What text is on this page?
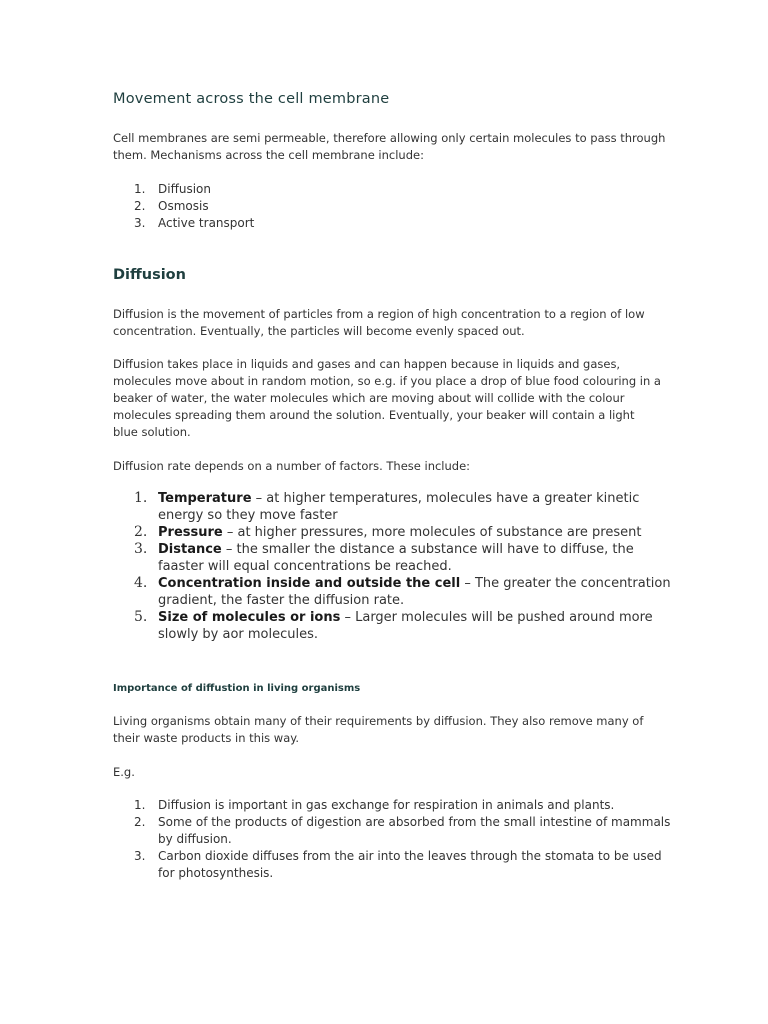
Movement across the cell membrane

Cell membranes are semi permeable, therefore allowing only certain molecules to pass through them. Mechanisms across the cell membrane include:

1. Diffusion
2. Osmosis
3. Active transport
Diffusion

Diffusion is the movement of particles from a region of high concentration to a region of low concentration. Eventually, the particles will become evenly spaced out.

Diffusion takes place in liquids and gases and can happen because in liquids and gases, molecules move about in random motion, so e.g. if you place a drop of blue food colouring in a beaker of water, the water molecules which are moving about will collide with the colour molecules spreading them around the solution. Eventually, your beaker will contain a light blue solution.

Diffusion rate depends on a number of factors. These include:

1. Temperature – at higher temperatures, molecules have a greater kinetic energy so they move faster
2. Pressure – at higher pressures, more molecules of substance are present
3. Distance – the smaller the distance a substance will have to diffuse, the faaster will equal concentrations be reached.
4. Concentration inside and outside the cell – The greater the concentration gradient, the faster the diffusion rate.
5. Size of molecules or ions – Larger molecules will be pushed around more slowly by aor molecules.
Importance of diffustion in living organisms

Living organisms obtain many of their requirements by diffusion. They also remove many of their waste products in this way.

E.g.

1. Diffusion is important in gas exchange for respiration in animals and plants.
2. Some of the products of digestion are absorbed from the small intestine of mammals by diffusion.
3. Carbon dioxide diffuses from the air into the leaves through the stomata to be used for photosynthesis.
